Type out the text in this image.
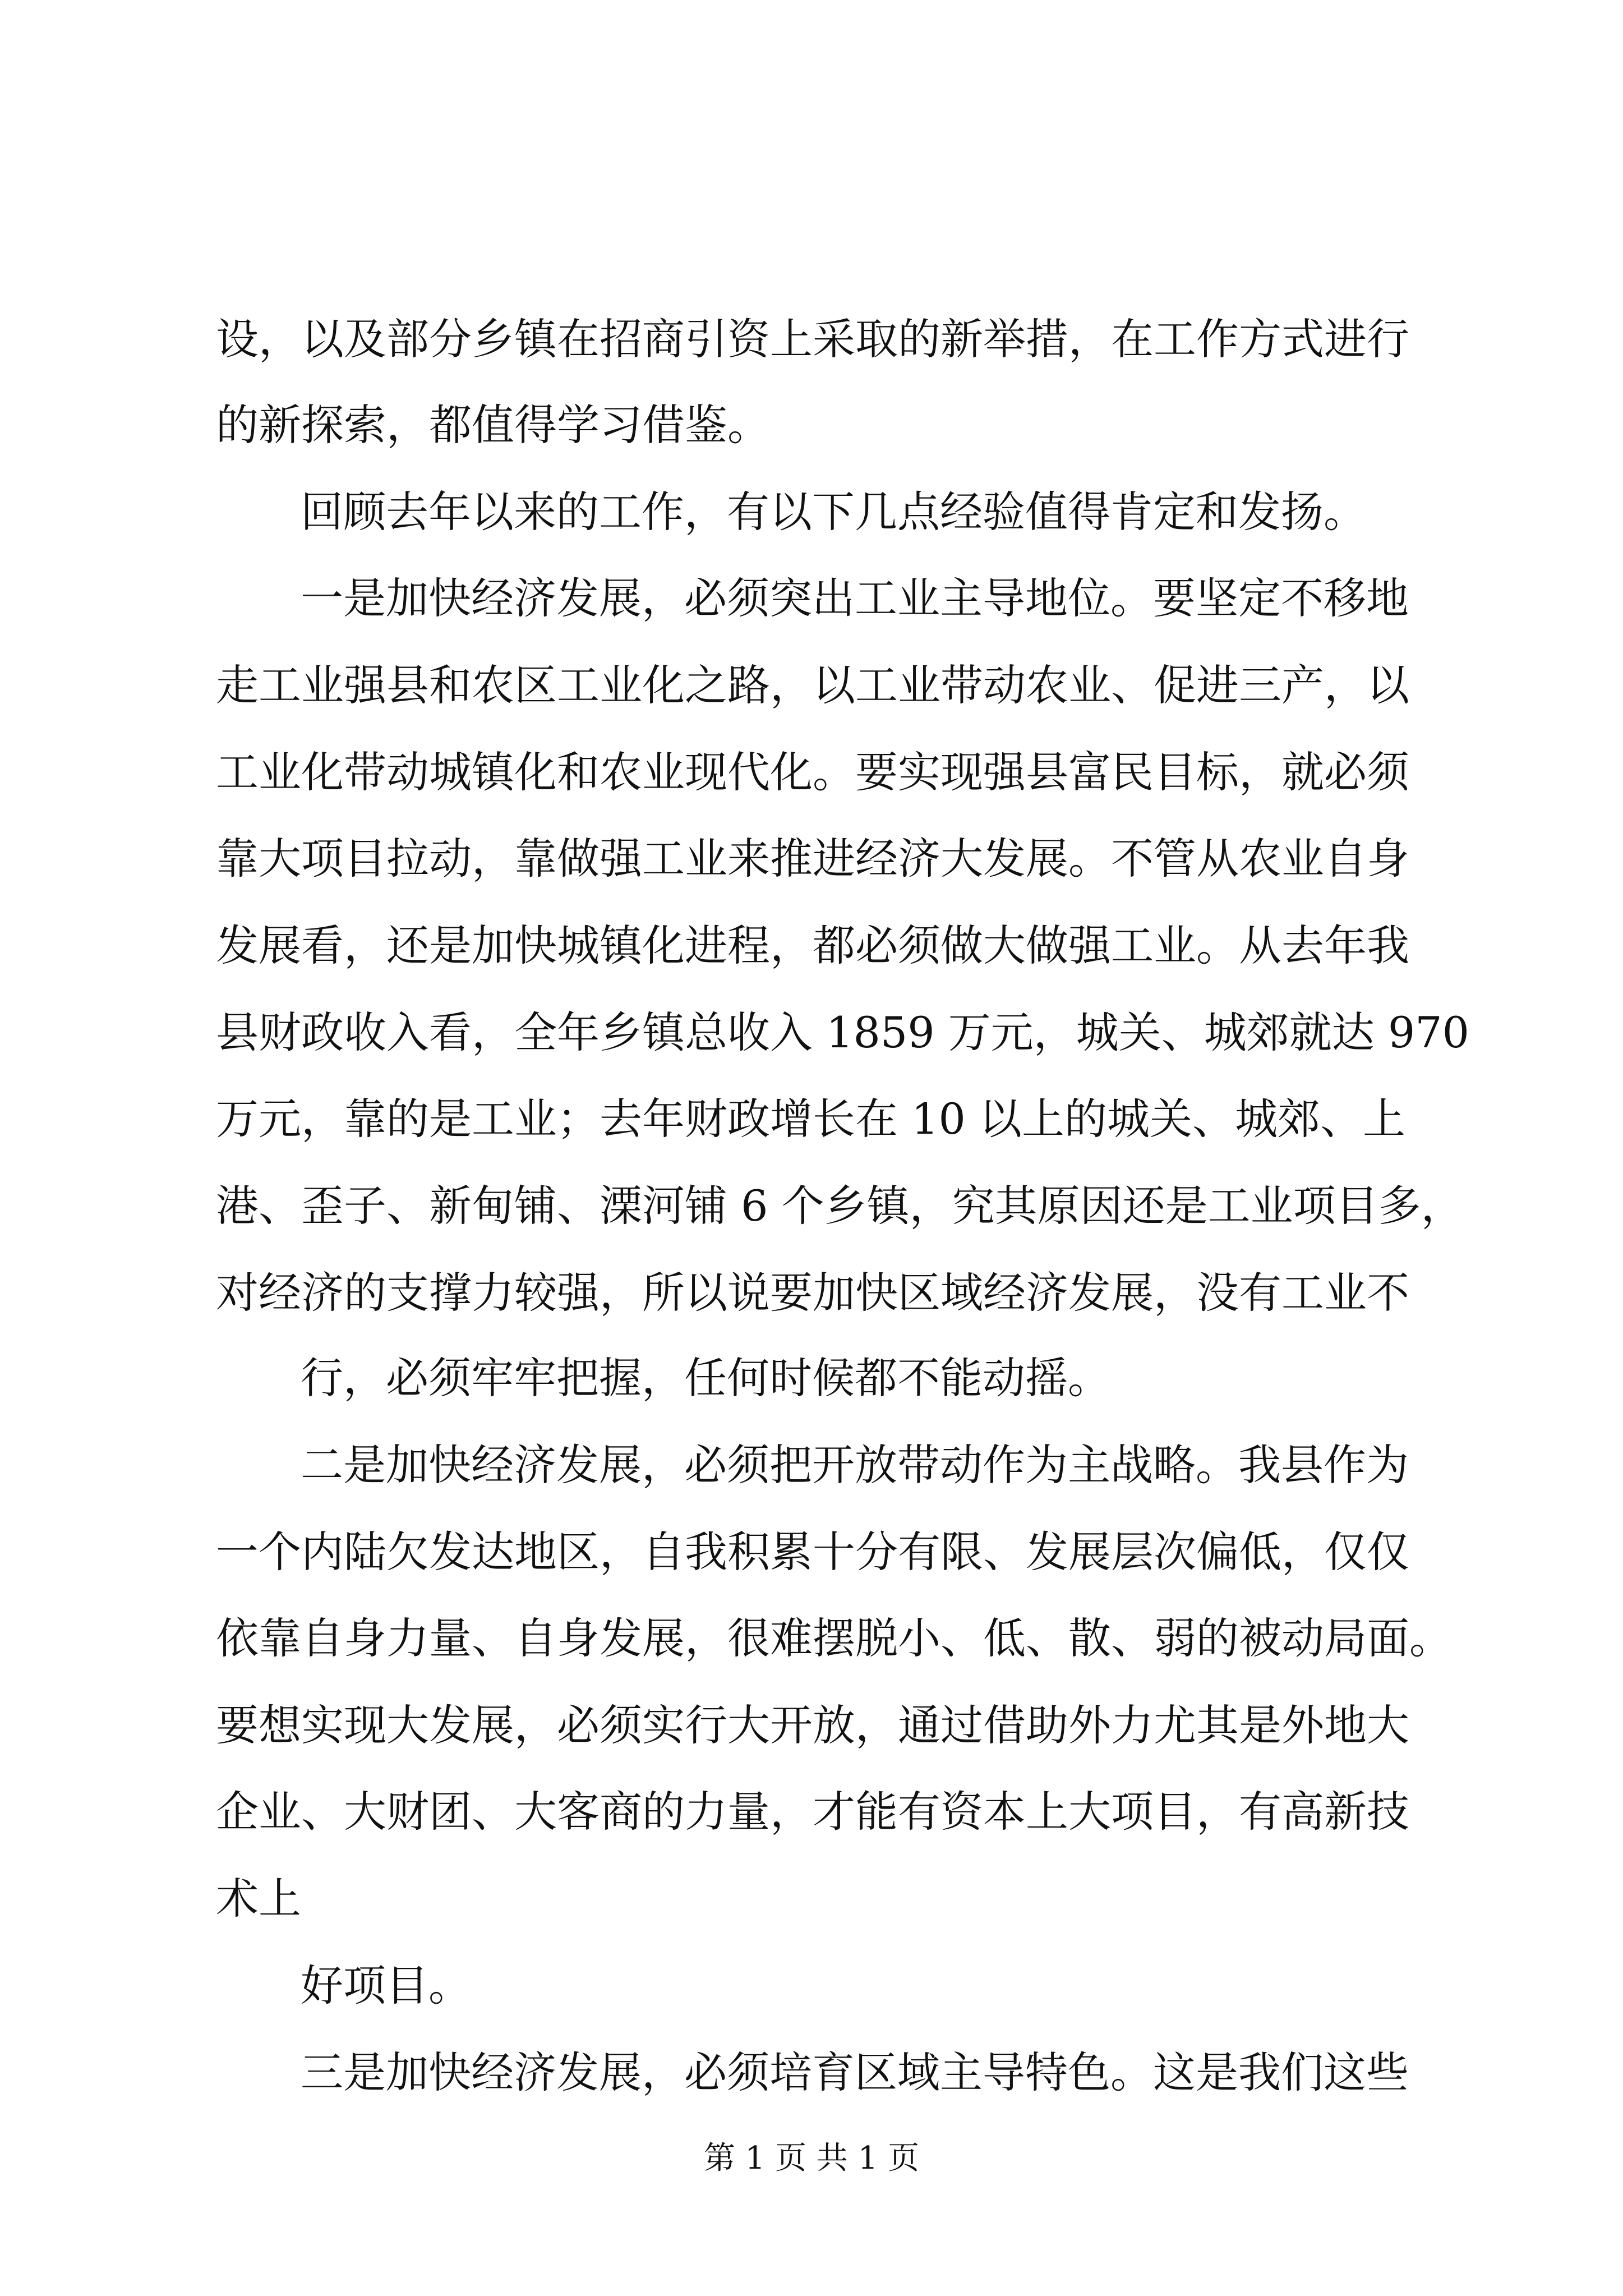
设，以及部分乡镇在招商引资上采取的新举措，在工作方式进行
的新探索，都值得学习借鉴。
回顾去年以来的工作，有以下几点经验值得肯定和发扬。
一是加快经济发展，必须突出工业主导地位。要坚定不移地
走工业强县和农区工业化之路，以工业带动农业、促进三产，以
工业化带动城镇化和农业现代化。要实现强县富民目标，就必须
靠大项目拉动，靠做强工业来推进经济大发展。不管从农业自身
发展看，还是加快城镇化进程，都必须做大做强工业。从去年我
县财政收入看，全年乡镇总收入 1859 万元，城关、城郊就达 970
万元，靠的是工业；去年财政增长在 10 以上的城关、城郊、上
港、歪子、新甸铺、溧河铺 6 个乡镇，究其原因还是工业项目多，
对经济的支撑力较强，所以说要加快区域经济发展，没有工业不
行，必须牢牢把握，任何时候都不能动摇。
二是加快经济发展，必须把开放带动作为主战略。我县作为
一个内陆欠发达地区，自我积累十分有限、发展层次偏低，仅仅
依靠自身力量、自身发展，很难摆脱小、低、散、弱的被动局面。
要想实现大发展，必须实行大开放，通过借助外力尤其是外地大
企业、大财团、大客商的力量，才能有资本上大项目，有高新技
术上
好项目。
三是加快经济发展，必须培育区域主导特色。这是我们这些
第 1 页 共 1 页
